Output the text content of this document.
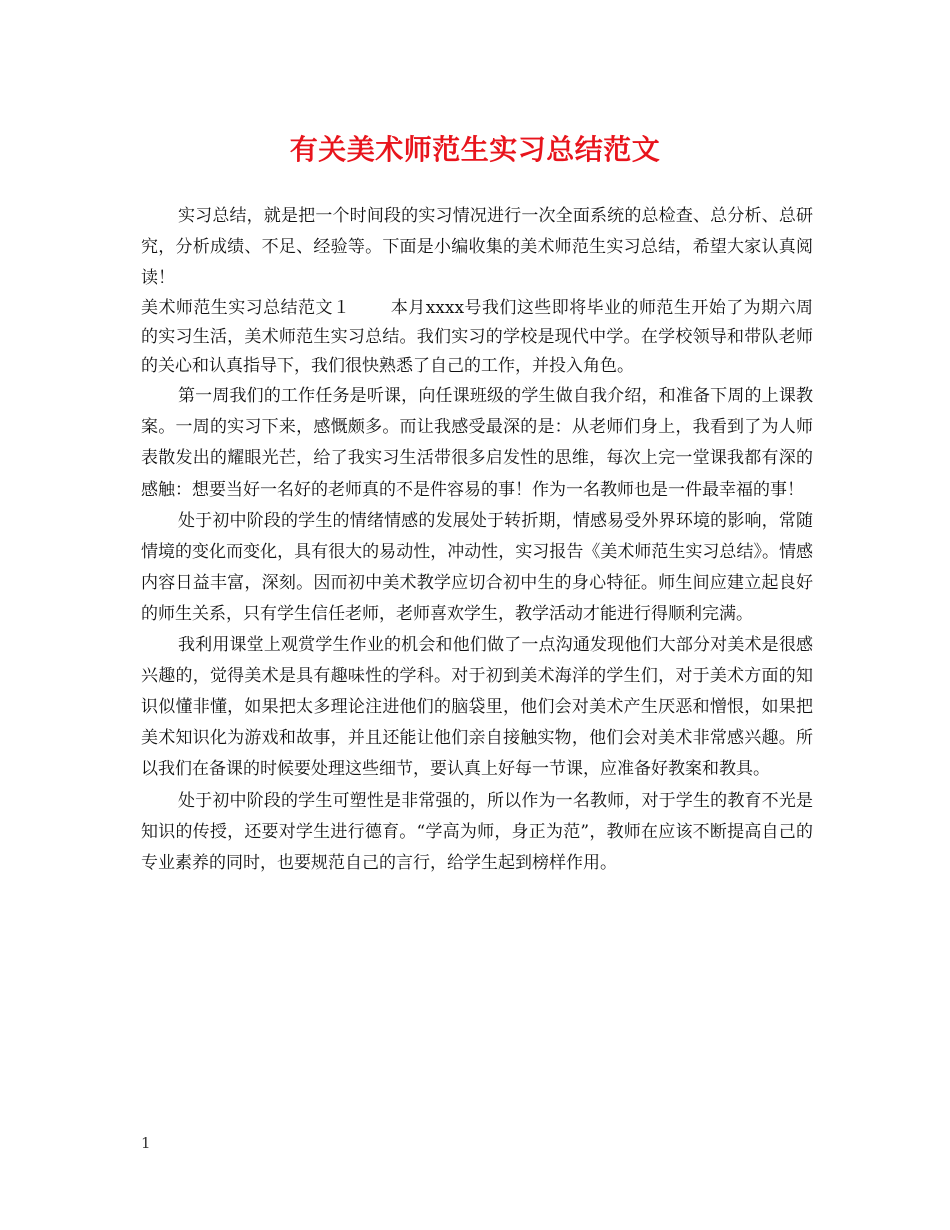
有关美术师范生实习总结范文

实习总结，就是把一个时间段的实习情况进行一次全面系统的总检查、总分析、总研究，分析成绩、不足、经验等。下面是小编收集的美术师范生实习总结，希望大家认真阅读！

美术师范生实习总结范文１ 本月xxxx号我们这些即将毕业的师范生开始了为期六周的实习生活，美术师范生实习总结。我们实习的学校是现代中学。在学校领导和带队老师的关心和认真指导下，我们很快熟悉了自己的工作，并投入角色。

第一周我们的工作任务是听课，向任课班级的学生做自我介绍，和准备下周的上课教案。一周的实习下来，感慨颇多。而让我感受最深的是：从老师们身上，我看到了为人师表散发出的耀眼光芒，给了我实习生活带很多启发性的思维，每次上完一堂课我都有深的感触：想要当好一名好的老师真的不是件容易的事！作为一名教师也是一件最幸福的事！

处于初中阶段的学生的情绪情感的发展处于转折期，情感易受外界环境的影响，常随情境的变化而变化，具有很大的易动性，冲动性，实习报告《美术师范生实习总结》。情感内容日益丰富，深刻。因而初中美术教学应切合初中生的身心特征。师生间应建立起良好的师生关系，只有学生信任老师，老师喜欢学生，教学活动才能进行得顺利完满。

我利用课堂上观赏学生作业的机会和他们做了一点沟通发现他们大部分对美术是很感兴趣的，觉得美术是具有趣味性的学科。对于初到美术海洋的学生们，对于美术方面的知识似懂非懂，如果把太多理论注进他们的脑袋里，他们会对美术产生厌恶和憎恨，如果把美术知识化为游戏和故事，并且还能让他们亲自接触实物，他们会对美术非常感兴趣。所以我们在备课的时候要处理这些细节，要认真上好每一节课，应准备好教案和教具。

处于初中阶段的学生可塑性是非常强的，所以作为一名教师，对于学生的教育不光是知识的传授，还要对学生进行德育。“学高为师，身正为范”，教师在应该不断提高自己的专业素养的同时，也要规范自己的言行，给学生起到榜样作用。

1
